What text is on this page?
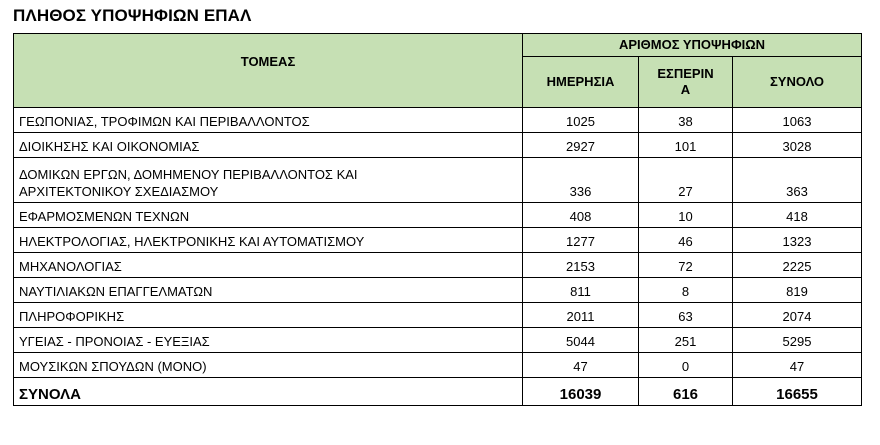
ΠΛΗΘΟΣ ΥΠΟΨΗΦΙΩΝ ΕΠΑΛ
ΤΟΜΕΑΣ	ΑΡΙΘΜΟΣ ΥΠΟΨΗΦΙΩΝ		
	ΗΜΕΡΗΣΙΑ	ΕΣΠΕΡΙΝΑ	ΣΥΝΟΛΟ
ΓΕΩΠΟΝΙΑΣ, ΤΡΟΦΙΜΩΝ ΚΑΙ ΠΕΡΙΒΑΛΛΟΝΤΟΣ	1025	38	1063
ΔΙΟΙΚΗΣΗΣ ΚΑΙ ΟΙΚΟΝΟΜΙΑΣ	2927	101	3028
ΔΟΜΙΚΩΝ ΕΡΓΩΝ, ΔΟΜΗΜΕΝΟΥ ΠΕΡΙΒΑΛΛΟΝΤΟΣ ΚΑΙ ΑΡΧΙΤΕΚΤΟΝΙΚΟΥ ΣΧΕΔΙΑΣΜΟΥ	336	27	363
ΕΦΑΡΜΟΣΜΕΝΩΝ ΤΕΧΝΩΝ	408	10	418
ΗΛΕΚΤΡΟΛΟΓΙΑΣ, ΗΛΕΚΤΡΟΝΙΚΗΣ ΚΑΙ ΑΥΤΟΜΑΤΙΣΜΟΥ	1277	46	1323
ΜΗΧΑΝΟΛΟΓΙΑΣ	2153	72	2225
ΝΑΥΤΙΛΙΑΚΩΝ ΕΠΑΓΓΕΛΜΑΤΩΝ	811	8	819
ΠΛΗΡΟΦΟΡΙΚΗΣ	2011	63	2074
ΥΓΕΙΑΣ - ΠΡΟΝΟΙΑΣ - ΕΥΕΞΙΑΣ	5044	251	5295
ΜΟΥΣΙΚΩΝ ΣΠΟΥΔΩΝ (ΜΟΝΟ)	47	0	47
ΣΥΝΟΛΑ	16039	616	16655
